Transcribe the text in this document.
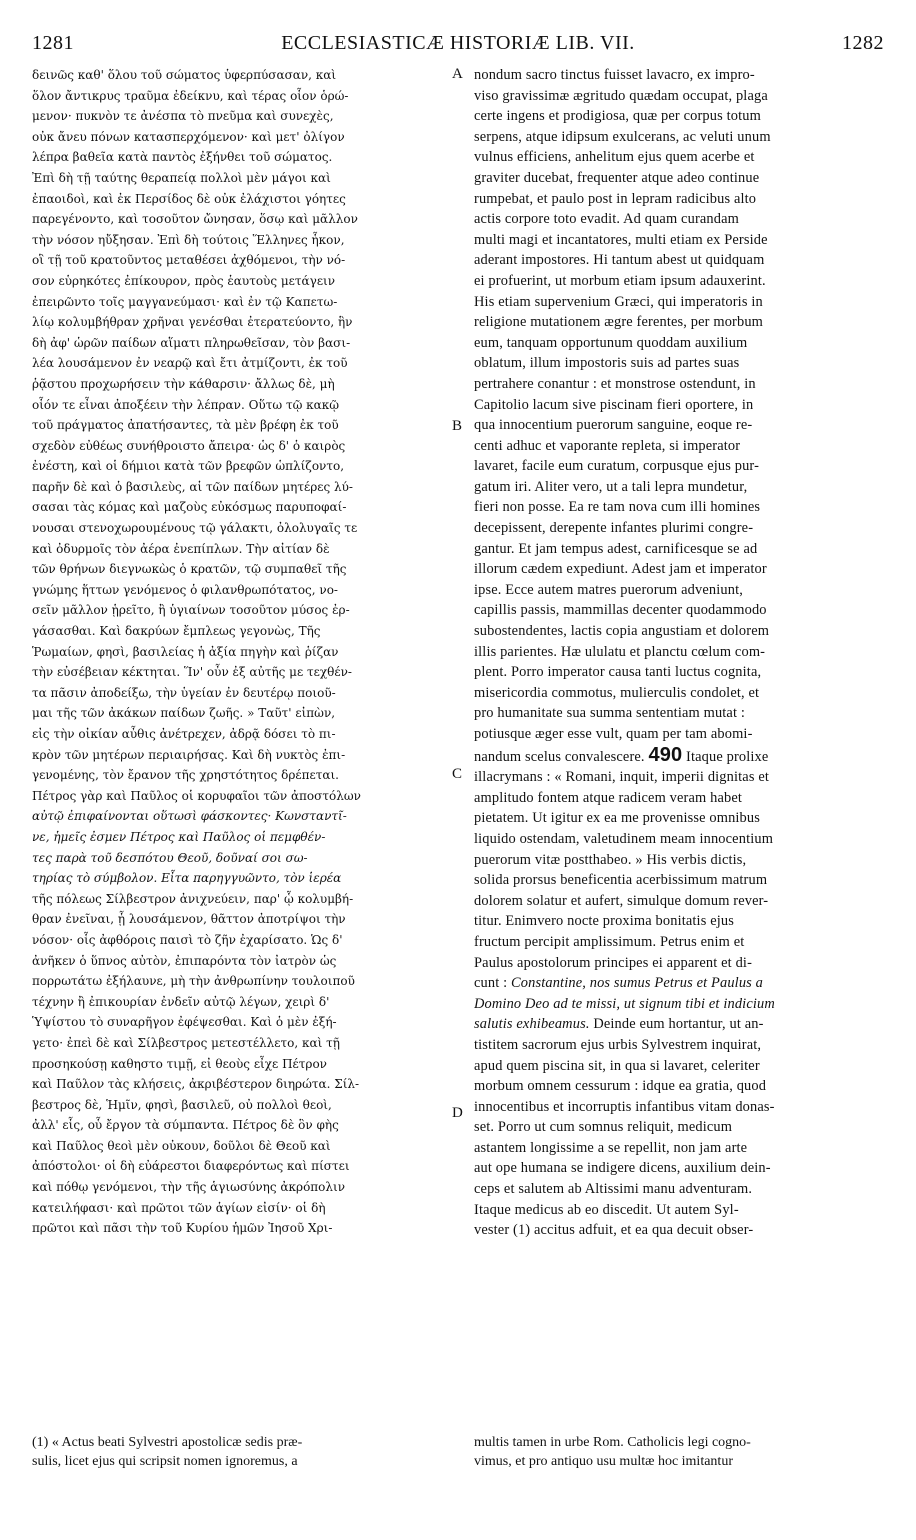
1281	ECCLESIASTICÆ HISTORIÆ LIB. VII.	1282
δεινῶς καθ' ὅλου τοῦ σώματος ὑφερπύσασαν, καὶ
ὅλον ἄντικρυς τραῦμα ἐδείκνυ, καὶ τέρας οἷον ὁρώ-
μενον· πυκνὸν τε ἀνέσπα τὸ πνεῦμα καὶ συνεχὲς,
οὐκ ἄνευ πόνων κατασπερχόμενον· καὶ μετ' ὀλίγον
λέπρα βαθεῖα κατὰ παντὸς ἐξήνθει τοῦ σώματος.
Ἐπὶ δὴ τῇ ταύτης θεραπείᾳ πολλοὶ μὲν μάγοι καὶ
ἐπαοιδοὶ, καὶ ἐκ Περσίδος δὲ οὐκ ἐλάχιστοι γόητες
παρεγένοντο, καὶ τοσοῦτον ὤνησαν, ὅσῳ καὶ μᾶλλον
τὴν νόσον ηὔξησαν. Ἐπὶ δὴ τούτοις Ἕλληνες ἧκον,
οἳ τῇ τοῦ κρατοῦντος μεταθέσει ἀχθόμενοι, τὴν νό-
σον εὑρηκότες ἐπίκουρον, πρὸς ἑαυτοὺς μετάγειν
ἐπειρῶντο τοῖς μαγγανεύμασι· καὶ ἐν τῷ Καπετω-
λίῳ κολυμβήθραν χρῆναι γενέσθαι ἐτερατεύοντο, ἣν
δὴ ἀφ' ὡρῶν παίδων αἵματι πληρωθεῖσαν, τὸν βασι-
λέα λουσάμενον ἐν νεαρῷ καὶ ἔτι ἀτμίζοντι, ἐκ τοῦ
ῥᾷστου προχωρήσειν τὴν κάθαρσιν· ἄλλως δὲ, μὴ
οἷόν τε εἶναι ἀποξέειν τὴν λέπραν. Οὕτω τῷ κακῷ
τοῦ πράγματος ἀπατήσαντες, τὰ μὲν βρέφη ἐκ τοῦ
σχεδὸν εὐθέως συνήθροιστο ἄπειρα· ὡς δ' ὁ καιρὸς
ἐνέστη, καὶ οἱ δήμιοι κατὰ τῶν βρεφῶν ὡπλίζοντο,
παρῆν δὲ καὶ ὁ βασιλεὺς, αἱ τῶν παίδων μητέρες λύ-
σασαι τὰς κόμας καὶ μαζοὺς εὐκόσμως παρυποφαί-
νουσαι στενοχωρουμένους τῷ γάλακτι, ὀλολυγαῖς τε
καὶ ὀδυρμοῖς τὸν ἀέρα ἐνεπίπλων. Τὴν αἰτίαν δὲ
τῶν θρήνων διεγνωκὼς ὁ κρατῶν, τῷ συμπαθεῖ τῆς
γνώμης ἥττων γενόμενος ὁ φιλανθρωπότατος, νο-
σεῖν μᾶλλον ᾑρεῖτο, ἢ ὑγιαίνων τοσοῦτον μύσος ἐρ-
γάσασθαι. Καὶ δακρύων ἔμπλεως γεγονὼς, Τῆς
Ῥωμαίων, φησὶ, βασιλείας ἡ ἀξία πηγὴν καὶ ῥίζαν
τὴν εὐσέβειαν κέκτηται. Ἵν' οὖν ἐξ αὐτῆς με τεχθέν-
τα πᾶσιν ἀποδείξω, τὴν ὑγείαν ἐν δευτέρῳ ποιοῦ-
μαι τῆς τῶν ἀκάκων παίδων ζωῆς. » Ταῦτ' εἰπὼν,
εἰς τὴν οἰκίαν αὖθις ἀνέτρεχεν, ἀδρᾷ δόσει τὸ πι-
κρὸν τῶν μητέρων περιαιρήσας. Καὶ δὴ νυκτὸς ἐπι-
γενομένης, τὸν ἔρανον τῆς χρηστότητος δρέπεται.
Πέτρος γὰρ καὶ Παῦλος οἱ κορυφαῖοι τῶν ἀποστόλων
αὐτῷ ἐπιφαίνονται οὕτωσὶ φάσκοντες· Κωνσταντῖ-
νε, ἡμεῖς ἐσμεν Πέτρος καὶ Παῦλος οἱ πεμφθέν-
τες παρὰ τοῦ δεσπότου Θεοῦ, δοῦναί σοι σω-
τηρίας τὸ σύμβολον. Εἶτα παρηγγυῶντο, τὸν ἱερέα
τῆς πόλεως Σίλβεστρον ἀνιχνεύειν, παρ' ᾧ κολυμβή-
θραν ἐνεῖναι, ᾗ λουσάμενον, θᾶττον ἀποτρίψοι τὴν
νόσον· οἷς ἀφθόροις παισὶ τὸ ζῆν ἐχαρίσατο. Ὡς δ'
ἀνῆκεν ὁ ὕπνος αὐτὸν, ἐπιπαρόντα τὸν ἰατρὸν ὡς
πορρωτάτω ἐξήλαυνε, μὴ τὴν ἀνθρωπίνην τουλοιποῦ
τέχνην ἢ ἐπικουρίαν ἐνδεῖν αὐτῷ λέγων, χειρὶ δ'
Ὑψίστου τὸ συναρῆγον ἐφέψεσθαι. Καὶ ὁ μὲν ἐξή-
γετο· ἐπεὶ δὲ καὶ Σίλβεστρος μετεστέλλετο, καὶ τῇ
προσηκούσῃ καθηστο τιμῇ, εἰ θεοὺς εἶχε Πέτρον
καὶ Παῦλον τὰς κλήσεις, ἀκριβέστερον διηρώτα. Σίλ-
βεστρος δὲ, Ἡμῖν, φησὶ, βασιλεῦ, οὐ πολλοὶ θεοὶ,
ἀλλ' εἷς, οὗ ἔργον τὰ σύμπαντα. Πέτρος δὲ ὃν φὴς
καὶ Παῦλος θεοὶ μὲν οὐκουν, δοῦλοι δὲ Θεοῦ καὶ
ἀπόστολοι· οἱ δὴ εὐάρεστοι διαφερόντως καὶ πίστει
καὶ πόθῳ γενόμενοι, τὴν τῆς ἁγιωσύνης ἀκρόπολιν
κατειλήφασι· καὶ πρῶτοι τῶν ἁγίων εἰσίν· οἱ δὴ
πρῶτοι καὶ πᾶσι τὴν τοῦ Κυρίου ἡμῶν Ἰησοῦ Χρι-
nondum sacro tinctus fuisset lavacro, ex impro-
viso gravissimæ ægritudo quædam occupat, plaga
certe ingens et prodigiosa, quæ per corpus totum
serpens, atque idipsum exulcerans, ac veluti unum
vulnus efficiens, anhelitum ejus quem acerbe et
graviter ducebat, frequenter atque adeo continue
rumpebat, et paulo post in lepram radicibus alto
actis corpore toto evadit. Ad quam curandam
multi magi et incantatores, multi etiam ex Perside
aderant impostores. Hi tantum abest ut quidquam
ei profuerint, ut morbum etiam ipsum adauxerint.
His etiam supervenium Græci, qui imperatoris in
religione mutationem ægre ferentes, per morbum
eum, tanquam opportunum quoddam auxilium
oblatum, illum impostoris suis ad partes suas
pertrahere conantur : et monstrose ostendunt, in
Capitolio lacum sive piscinam fieri oportere, in
qua innocentium puerorum sanguine, eoque re-
centi adhuc et vaporante repleta, si imperator
lavaret, facile eum curatum, corpusque ejus pur-
gatum iri. Aliter vero, ut a tali lepra mundetur,
fieri non posse. Ea re tam nova cum illi homines
decepissent, derepente infantes plurimi congre-
gantur. Et jam tempus adest, carnificesque se ad
illorum cædem expediunt. Adest jam et imperator
ipse. Ecce autem matres puerorum adveniunt,
capillis passis, mammillas decenter quodammodo
subostendentes, lactis copia angustiam et dolorem
illis parientes. Hæ ululatu et planctu cœlum com-
plent. Porro imperator causa tanti luctus cognita,
misericordia commotus, mulierculis condolet, et
pro humanitate sua summa sententiam mutat :
potiusque æger esse vult, quam per tam abomi-
nandum scelus convalescere. 490 Itaque prolixe
illacrymans : « Romani, inquit, imperii dignitas et
amplitudo fontem atque radicem veram habet
pietatem. Ut igitur ex ea me provenisse omnibus
liquido ostendam, valetudinem meam innocentium
puerorum vitæ postthabeo. » His verbis dictis,
solida prorsus beneficentia acerbissimum matrum
dolorem solatur et aufert, simulque domum rever-
titur. Enimvero nocte proxima bonitatis ejus
fructum percipit amplissimum. Petrus enim et
Paulus apostolorum principes ei apparent et di-
cunt : Constantine, nos sumus Petrus et Paulus a
Domino Deo ad te missi, ut signum tibi et indicium
salutis exhibeamus. Deinde eum hortantur, ut an-
tistitem sacrorum ejus urbis Sylvestrem inquirat,
apud quem piscina sit, in qua si lavaret, celeriter
morbum omnem cessurum : idque ea gratia, quod
innocentibus et incorruptis infantibus vitam donas-
set. Porro ut cum somnus reliquit, medicum
astantem longissime a se repellit, non jam arte
aut ope humana se indigere dicens, auxilium dein-
ceps et salutem ab Altissimi manu adventuram.
Itaque medicus ab eo discedit. Ut autem Syl-
vester (1) accitus adfuit, et ea qua decuit obser-
A
B
C
D
(1) « Actus beati Sylvestri apostolicæ sedis præ-
sulis, licet ejus qui scripsit nomen ignoremus, a
multis tamen in urbe Rom. Catholicis legi cogno-
vimus, et pro antiquo usu multæ hoc imitantur
